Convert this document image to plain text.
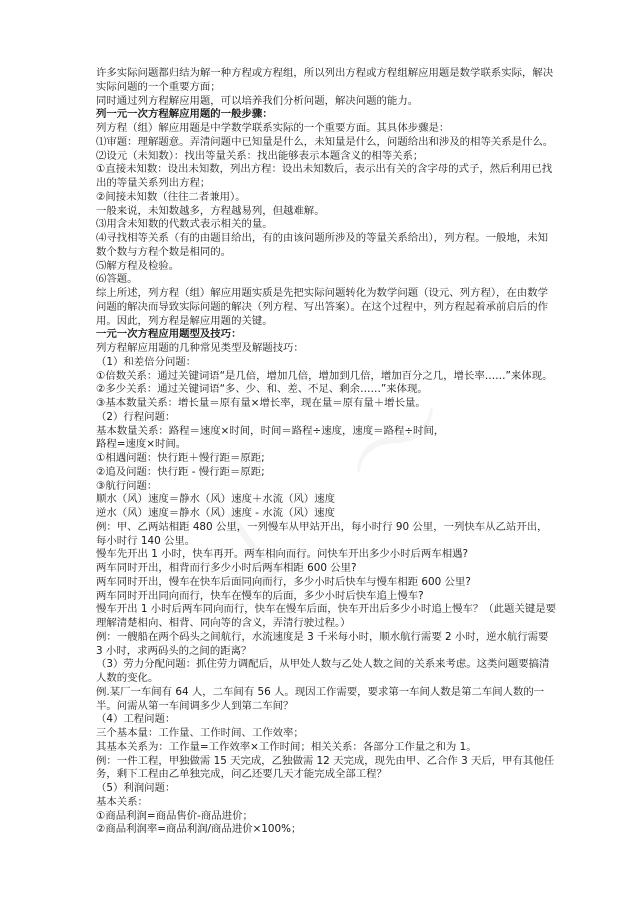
许多实际问题都归结为解一种方程或方程组，所以列出方程或方程组解应用题是数学联系实际，解决实际问题的一个重要方面；

同时通过列方程解应用题，可以培养我们分析问题，解决问题的能力。

列一元一次方程解应用题的一般步骤：

列方程（组）解应用题是中学数学联系实际的一个重要方面。其具体步骤是：

⑴审题：理解题意。弄清问题中已知量是什么，未知量是什么，问题给出和涉及的相等关系是什么。

⑵设元（未知数）：找出等量关系：找出能够表示本题含义的相等关系；

①直接未知数：设出未知数，列出方程：设出未知数后，表示出有关的含字母的式子，然后利用已找出的等量关系列出方程；

②间接未知数（往往二者兼用）。

一般来说，未知数越多，方程越易列，但越难解。

⑶用含未知数的代数式表示相关的量。

⑷寻找相等关系（有的由题目给出，有的由该问题所涉及的等量关系给出），列方程。一般地，未知数个数与方程个数是相同的。

⑸解方程及检验。

⑹答题。

综上所述，列方程（组）解应用题实质是先把实际问题转化为数学问题（设元、列方程），在由数学问题的解决而导致实际问题的解决（列方程、写出答案）。在这个过程中，列方程起着承前启后的作用。因此，列方程是解应用题的关键。

一元一次方程应用题型及技巧：

列方程解应用题的几种常见类型及解题技巧：

（1）和差倍分问题：

①倍数关系：通过关键词语“是几倍，增加几倍，增加到几倍，增加百分之几，增长率……”来体现。

②多少关系：通过关键词语“多、少、和、差、不足、剩余……”来体现。

③基本数量关系：增长量＝原有量×增长率，现在量＝原有量＋增长量。

（2）行程问题：

基本数量关系：路程＝速度×时间，时间＝路程÷速度，速度＝路程÷时间，

路程=速度×时间。

①相遇问题：快行距＋慢行距＝原距;

②追及问题：快行距 - 慢行距＝原距;

③航行问题：

顺水（风）速度＝静水（风）速度＋水流（风）速度

逆水（风）速度＝静水（风）速度 - 水流（风）速度

例：甲、乙两站相距 480 公里，一列慢车从甲站开出，每小时行 90 公里，一列快车从乙站开出，每小时行 140 公里。

慢车先开出 1 小时，快车再开。两车相向而行。问快车开出多少小时后两车相遇?

两车同时开出，相背而行多少小时后两车相距 600 公里?

两车同时开出，慢车在快车后面同向而行，多少小时后快车与慢车相距 600 公里?

两车同时开出同向而行，快车在慢车的后面，多少小时后快车追上慢车?

慢车开出 1 小时后两车同向而行，快车在慢车后面，快车开出后多少小时追上慢车？（此题关键是要理解清楚相向、相背、同向等的含义，弄清行驶过程。）

例：一艘船在两个码头之间航行，水流速度是 3 千米每小时，顺水航行需要 2 小时，逆水航行需要 3 小时，求两码头的之间的距离？

（3）劳力分配问题：抓住劳力调配后，从甲处人数与乙处人数之间的关系来考虑。这类问题要搞清人数的变化。

例.某厂一车间有 64 人，二车间有 56 人。现因工作需要，要求第一车间人数是第二车间人数的一半。问需从第一车间调多少人到第二车间？

（4）工程问题：

三个基本量：工作量、工作时间、工作效率；

其基本关系为：工作量=工作效率×工作时间；相关关系：各部分工作量之和为 1。

例：一件工程，甲独做需 15 天完成，乙独做需 12 天完成，现先由甲、乙合作 3 天后，甲有其他任务，剩下工程由乙单独完成，问乙还要几天才能完成全部工程？

（5）利润问题：

基本关系：

①商品利润=商品售价-商品进价；

②商品利润率=商品利润/商品进价×100%；
